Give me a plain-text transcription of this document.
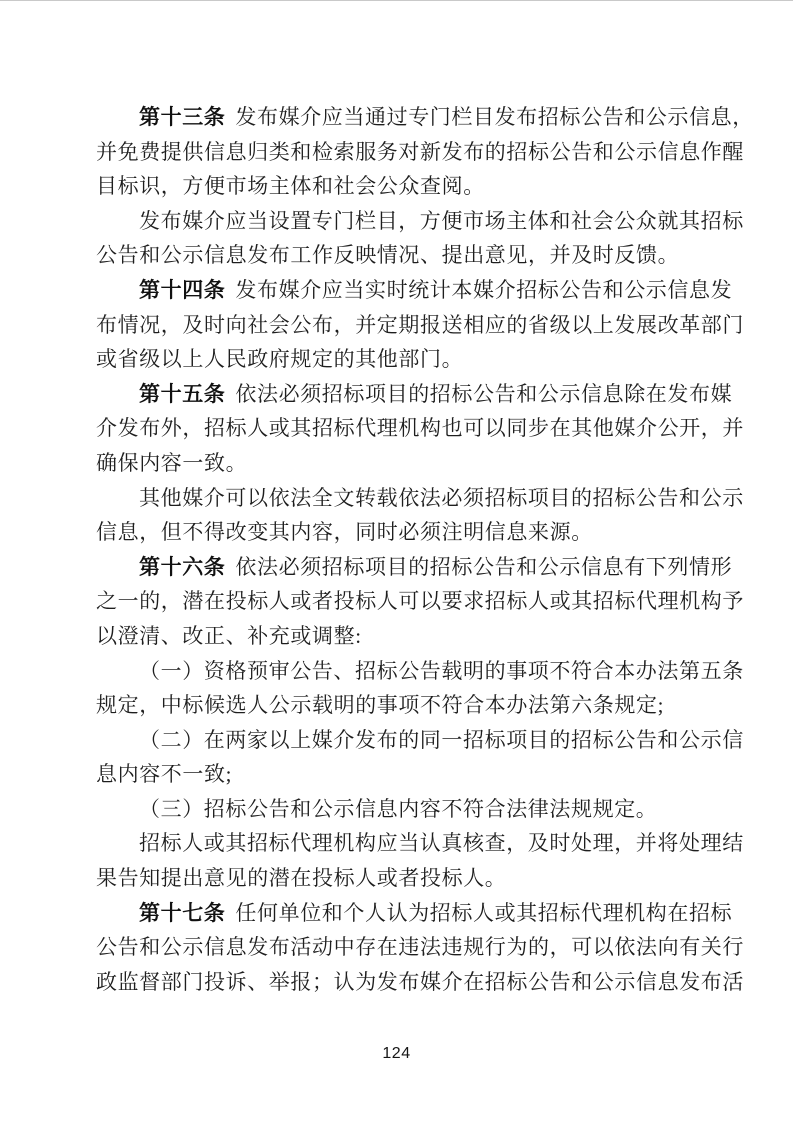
第十三条 发布媒介应当通过专门栏目发布招标公告和公示信息，
并免费提供信息归类和检索服务对新发布的招标公告和公示信息作醒
目标识，方便市场主体和社会公众查阅。
发布媒介应当设置专门栏目，方便市场主体和社会公众就其招标
公告和公示信息发布工作反映情况、提出意见，并及时反馈。
第十四条 发布媒介应当实时统计本媒介招标公告和公示信息发
布情况，及时向社会公布，并定期报送相应的省级以上发展改革部门
或省级以上人民政府规定的其他部门。
第十五条 依法必须招标项目的招标公告和公示信息除在发布媒
介发布外，招标人或其招标代理机构也可以同步在其他媒介公开，并
确保内容一致。
其他媒介可以依法全文转载依法必须招标项目的招标公告和公示
信息，但不得改变其内容，同时必须注明信息来源。
第十六条 依法必须招标项目的招标公告和公示信息有下列情形
之一的，潜在投标人或者投标人可以要求招标人或其招标代理机构予
以澄清、改正、补充或调整:
（一）资格预审公告、招标公告载明的事项不符合本办法第五条
规定，中标候选人公示载明的事项不符合本办法第六条规定;
（二）在两家以上媒介发布的同一招标项目的招标公告和公示信
息内容不一致;
（三）招标公告和公示信息内容不符合法律法规规定。
招标人或其招标代理机构应当认真核查，及时处理，并将处理结
果告知提出意见的潜在投标人或者投标人。
第十七条 任何单位和个人认为招标人或其招标代理机构在招标
公告和公示信息发布活动中存在违法违规行为的，可以依法向有关行
政监督部门投诉、举报；认为发布媒介在招标公告和公示信息发布活
124
